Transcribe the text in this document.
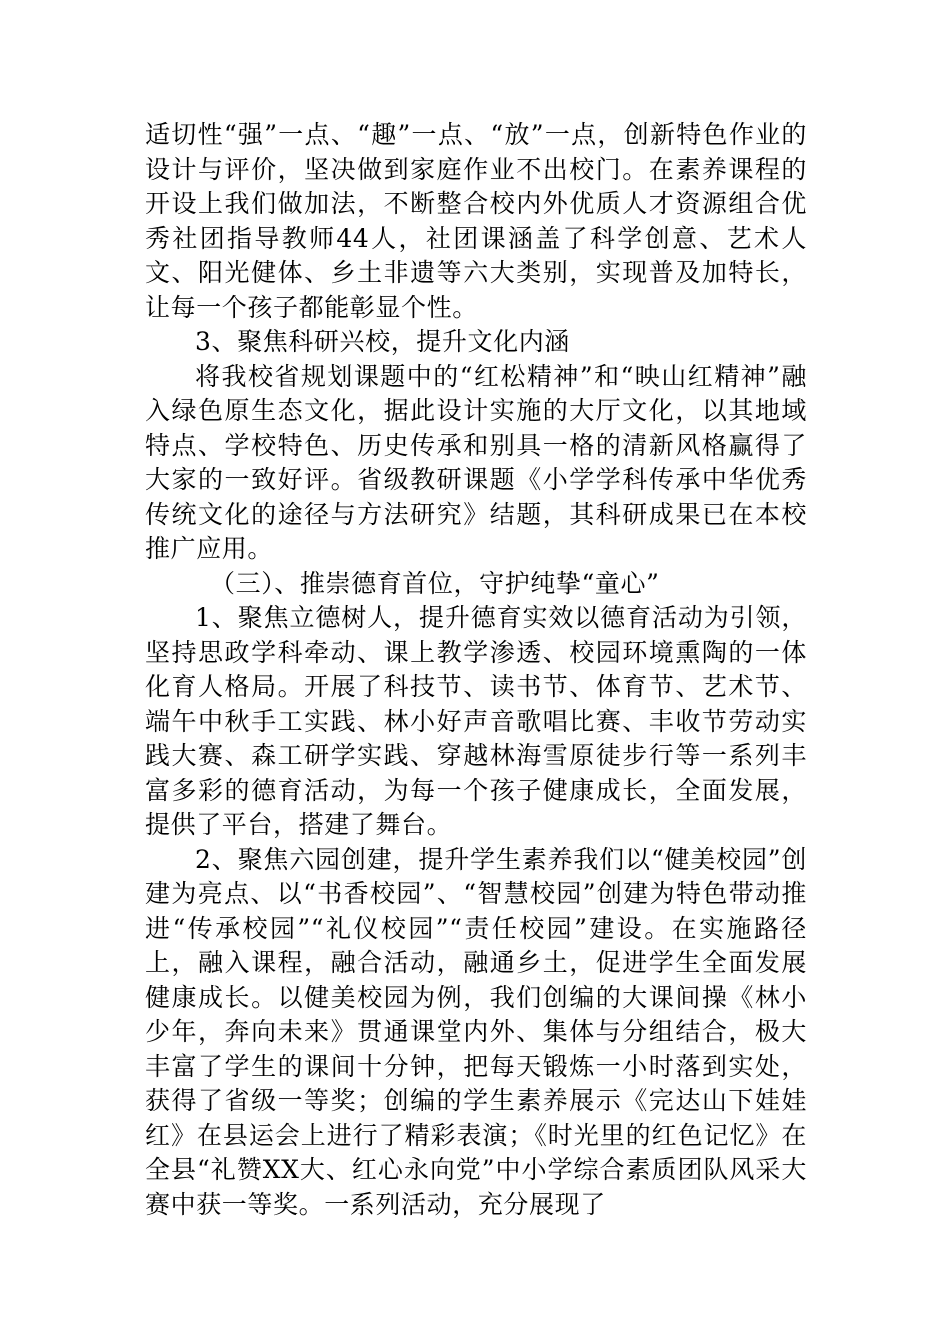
适切性“强”一点、“趣”一点、“放”一点，创新特色作业的设计与评价，坚决做到家庭作业不出校门。在素养课程的开设上我们做加法，不断整合校内外优质人才资源组合优秀社团指导教师44人，社团课涵盖了科学创意、艺术人文、阳光健体、乡土非遗等六大类别，实现普及加特长，让每一个孩子都能彰显个性。

3、聚焦科研兴校，提升文化内涵

将我校省规划课题中的“红松精神”和“映山红精神”融入绿色原生态文化，据此设计实施的大厅文化，以其地域特点、学校特色、历史传承和别具一格的清新风格赢得了大家的一致好评。省级教研课题《小学学科传承中华优秀传统文化的途径与方法研究》结题，其科研成果已在本校推广应用。

（三）、推崇德育首位，守护纯挚“童心”

1、聚焦立德树人，提升德育实效以德育活动为引领，坚持思政学科牵动、课上教学渗透、校园环境熏陶的一体化育人格局。开展了科技节、读书节、体育节、艺术节、端午中秋手工实践、林小好声音歌唱比赛、丰收节劳动实践大赛、森工研学实践、穿越林海雪原徒步行等一系列丰富多彩的德育活动，为每一个孩子健康成长，全面发展，提供了平台，搭建了舞台。

2、聚焦六园创建，提升学生素养我们以“健美校园”创建为亮点、以“书香校园”、“智慧校园”创建为特色带动推进“传承校园”“礼仪校园”“责任校园”建设。在实施路径上，融入课程，融合活动，融通乡土，促进学生全面发展健康成长。以健美校园为例，我们创编的大课间操《林小少年，奔向未来》贯通课堂内外、集体与分组结合，极大丰富了学生的课间十分钟，把每天锻炼一小时落到实处，获得了省级一等奖；创编的学生素养展示《完达山下娃娃红》在县运会上进行了精彩表演；《时光里的红色记忆》在全县“礼赞XX大、红心永向党”中小学综合素质团队风采大赛中获一等奖。一系列活动，充分展现了
